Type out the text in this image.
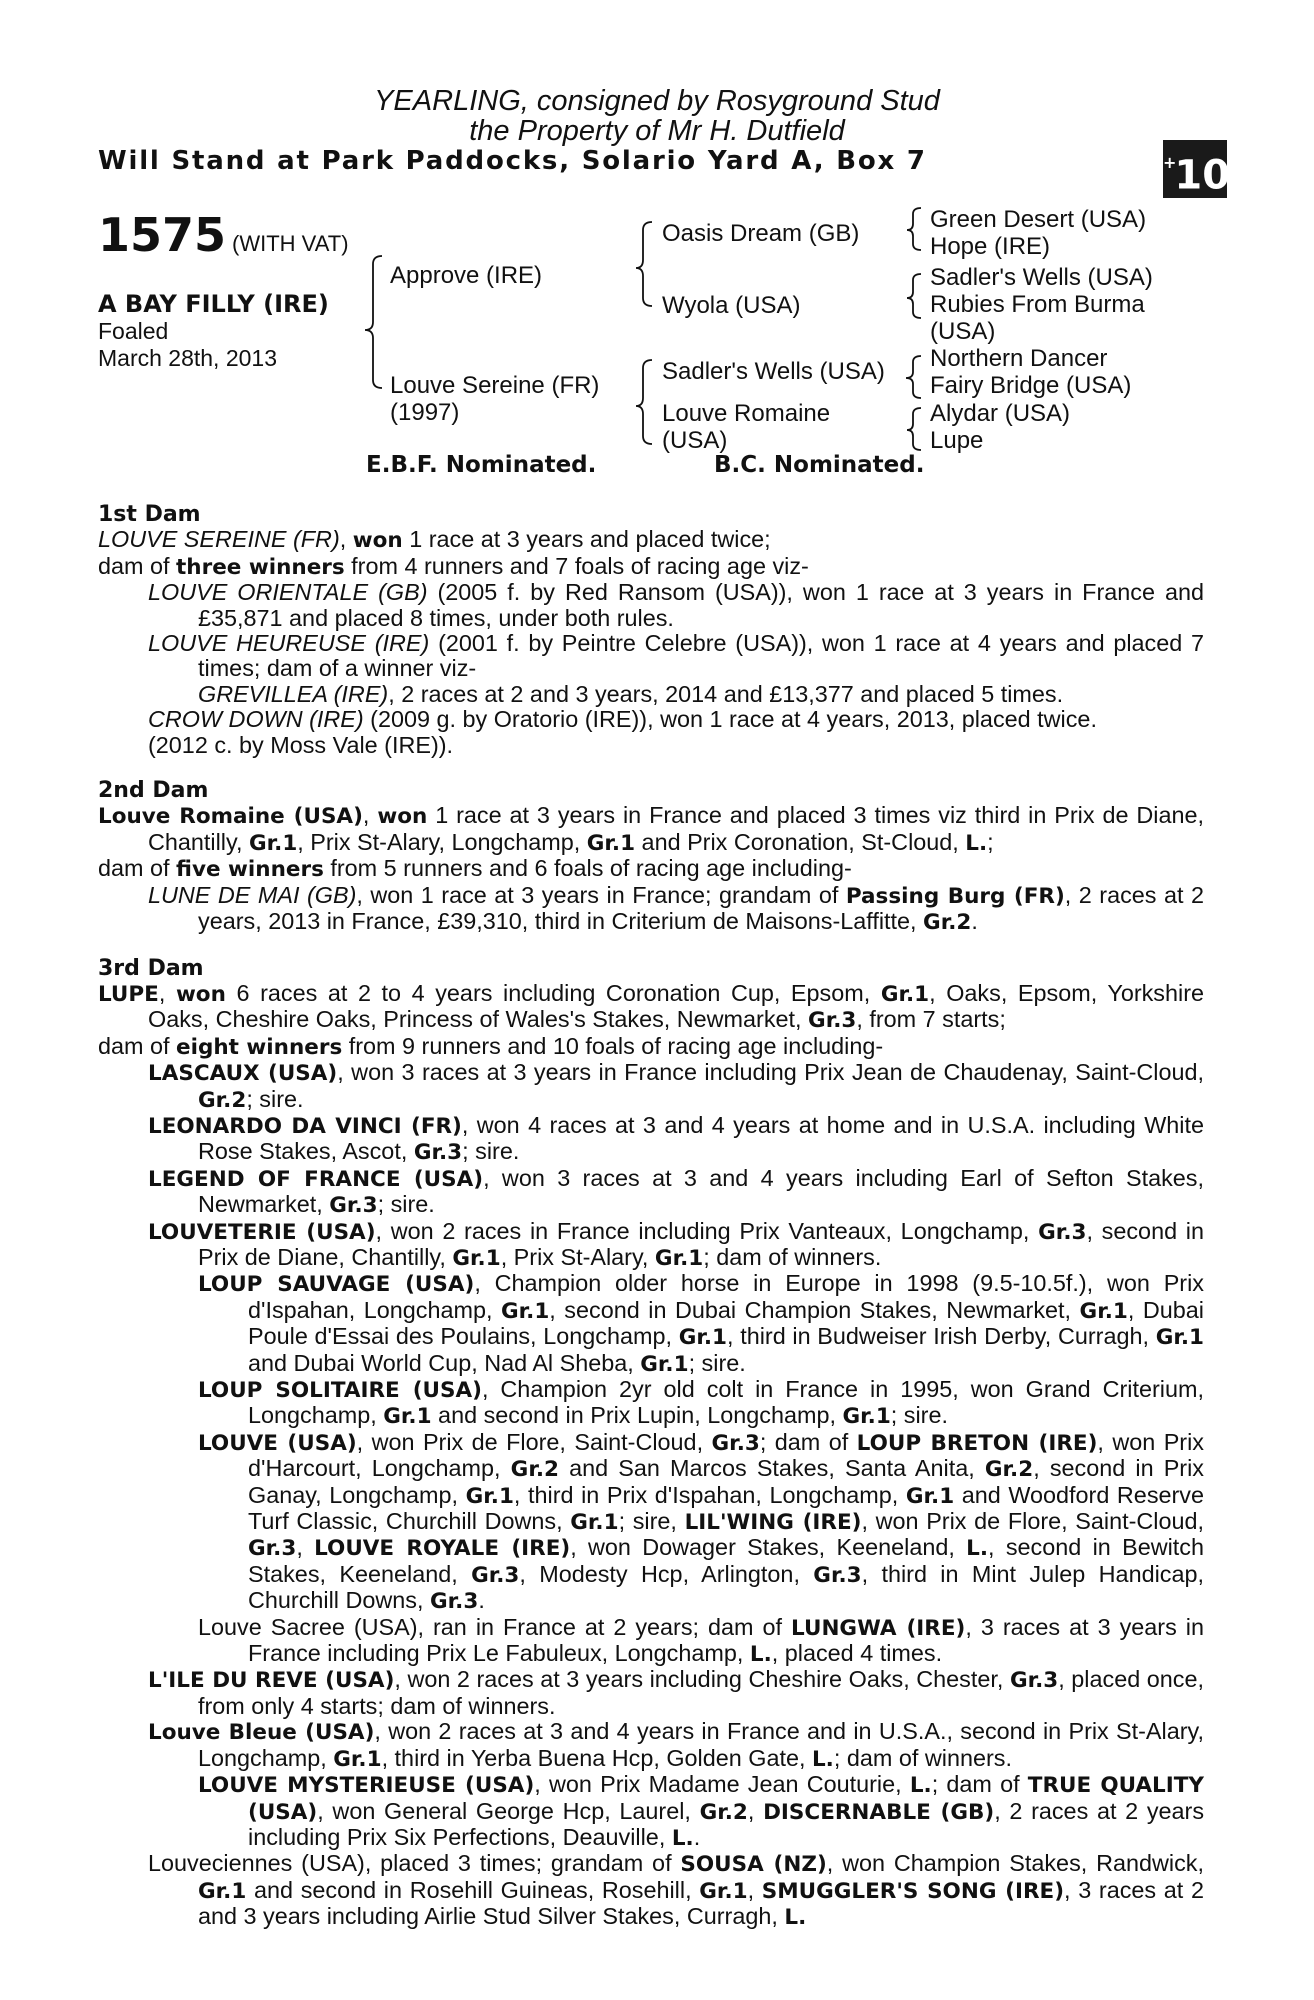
YEARLING, consigned by Rosyground Stud
the Property of Mr H. Dutfield
Will Stand at Park Paddocks, Solario Yard A, Box 7	+10
1575 (WITH VAT)
A BAY FILLY (IRE)
Foaled
March 28th, 2013
Approve (IRE)
Louve Sereine (FR)
(1997)
Oasis Dream (GB)
Wyola (USA)
Sadler's Wells (USA)
Louve Romaine
(USA)
Green Desert (USA)
Hope (IRE)
Sadler's Wells (USA)
Rubies From Burma
(USA)
Northern Dancer
Fairy Bridge (USA)
Alydar (USA)
Lupe
E.B.F. Nominated.	B.C. Nominated.
1st Dam

LOUVE SEREINE (FR), won 1 race at 3 years and placed twice;

dam of three winners from 4 runners and 7 foals of racing age viz-

LOUVE ORIENTALE (GB) (2005 f. by Red Ransom (USA)), won 1 race at 3 years in France and £35,871 and placed 8 times, under both rules.

LOUVE HEUREUSE (IRE) (2001 f. by Peintre Celebre (USA)), won 1 race at 4 years and placed 7 times; dam of a winner viz-

GREVILLEA (IRE), 2 races at 2 and 3 years, 2014 and £13,377 and placed 5 times.

CROW DOWN (IRE) (2009 g. by Oratorio (IRE)), won 1 race at 4 years, 2013, placed twice.

(2012 c. by Moss Vale (IRE)).

2nd Dam

Louve Romaine (USA), won 1 race at 3 years in France and placed 3 times viz third in Prix de Diane, Chantilly, Gr.1, Prix St-Alary, Longchamp, Gr.1 and Prix Coronation, St-Cloud, L.;

dam of five winners from 5 runners and 6 foals of racing age including-

LUNE DE MAI (GB), won 1 race at 3 years in France; grandam of Passing Burg (FR), 2 races at 2 years, 2013 in France, £39,310, third in Criterium de Maisons-Laffitte, Gr.2.

3rd Dam

LUPE, won 6 races at 2 to 4 years including Coronation Cup, Epsom, Gr.1, Oaks, Epsom, Yorkshire Oaks, Cheshire Oaks, Princess of Wales's Stakes, Newmarket, Gr.3, from 7 starts;

dam of eight winners from 9 runners and 10 foals of racing age including-

LASCAUX (USA), won 3 races at 3 years in France including Prix Jean de Chaudenay, Saint-Cloud, Gr.2; sire.

LEONARDO DA VINCI (FR), won 4 races at 3 and 4 years at home and in U.S.A. including White Rose Stakes, Ascot, Gr.3; sire.

LEGEND OF FRANCE (USA), won 3 races at 3 and 4 years including Earl of Sefton Stakes, Newmarket, Gr.3; sire.

LOUVETERIE (USA), won 2 races in France including Prix Vanteaux, Longchamp, Gr.3, second in Prix de Diane, Chantilly, Gr.1, Prix St-Alary, Gr.1; dam of winners.

LOUP SAUVAGE (USA), Champion older horse in Europe in 1998 (9.5-10.5f.), won Prix d'Ispahan, Longchamp, Gr.1, second in Dubai Champion Stakes, Newmarket, Gr.1, Dubai Poule d'Essai des Poulains, Longchamp, Gr.1, third in Budweiser Irish Derby, Curragh, Gr.1 and Dubai World Cup, Nad Al Sheba, Gr.1; sire.

LOUP SOLITAIRE (USA), Champion 2yr old colt in France in 1995, won Grand Criterium, Longchamp, Gr.1 and second in Prix Lupin, Longchamp, Gr.1; sire.

LOUVE (USA), won Prix de Flore, Saint-Cloud, Gr.3; dam of LOUP BRETON (IRE), won Prix d'Harcourt, Longchamp, Gr.2 and San Marcos Stakes, Santa Anita, Gr.2, second in Prix Ganay, Longchamp, Gr.1, third in Prix d'Ispahan, Longchamp, Gr.1 and Woodford Reserve Turf Classic, Churchill Downs, Gr.1; sire, LIL'WING (IRE), won Prix de Flore, Saint-Cloud, Gr.3, LOUVE ROYALE (IRE), won Dowager Stakes, Keeneland, L., second in Bewitch Stakes, Keeneland, Gr.3, Modesty Hcp, Arlington, Gr.3, third in Mint Julep Handicap, Churchill Downs, Gr.3.

Louve Sacree (USA), ran in France at 2 years; dam of LUNGWA (IRE), 3 races at 3 years in France including Prix Le Fabuleux, Longchamp, L., placed 4 times.

L'ILE DU REVE (USA), won 2 races at 3 years including Cheshire Oaks, Chester, Gr.3, placed once, from only 4 starts; dam of winners.

Louve Bleue (USA), won 2 races at 3 and 4 years in France and in U.S.A., second in Prix St-Alary, Longchamp, Gr.1, third in Yerba Buena Hcp, Golden Gate, L.; dam of winners.

LOUVE MYSTERIEUSE (USA), won Prix Madame Jean Couturie, L.; dam of TRUE QUALITY (USA), won General George Hcp, Laurel, Gr.2, DISCERNABLE (GB), 2 races at 2 years including Prix Six Perfections, Deauville, L..

Louveciennes (USA), placed 3 times; grandam of SOUSA (NZ), won Champion Stakes, Randwick, Gr.1 and second in Rosehill Guineas, Rosehill, Gr.1, SMUGGLER'S SONG (IRE), 3 races at 2 and 3 years including Airlie Stud Silver Stakes, Curragh, L.
